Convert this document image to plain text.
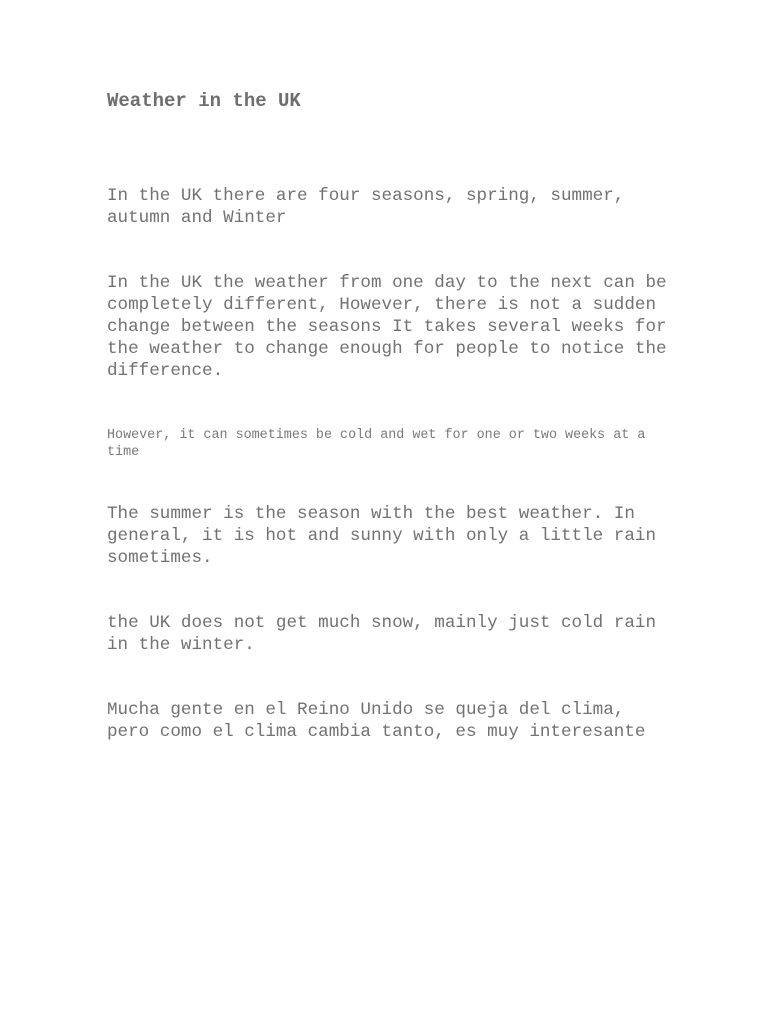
Weather in the UK

In the UK there are four seasons, spring, summer, autumn and Winter

In the UK the weather from one day to the next can be completely different, However, there is not a sudden change between the seasons It takes several weeks for the weather to change enough for people to notice the difference.

However, it can sometimes be cold and wet for one or two weeks at a time

The summer is the season with the best weather. In general, it is hot and sunny with only a little rain sometimes.

the UK does not get much snow, mainly just cold rain in the winter.

Mucha gente en el Reino Unido se queja del clima, pero como el clima cambia tanto, es muy interesante
